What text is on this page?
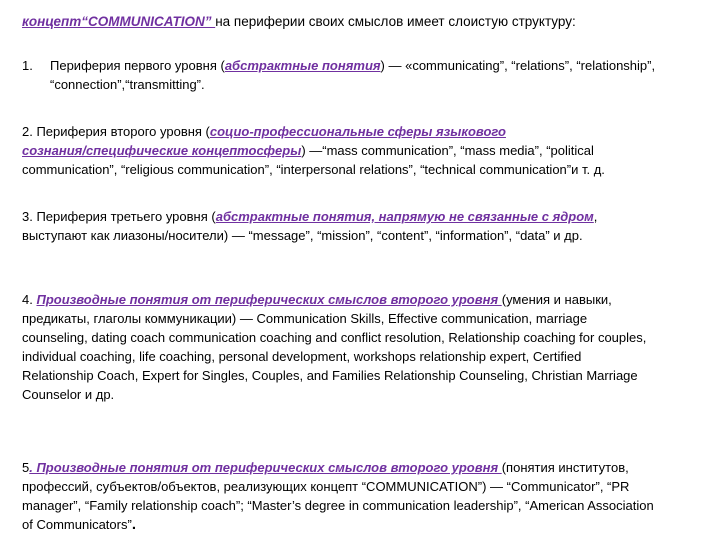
концепт“COMMUNICATION” на периферии своих смыслов имеет слоистую структуру:
1. Периферия первого уровня (абстрактные понятия) — «communicating”, “relations”, “relationship”,
“connection”,“transmitting”.
2. Периферия второго уровня (социо-профессиональные сферы языкового
сознания/специфические концептосферы) —“mass communication”, “mass media”, “political
communication”, “religious communication”, “interpersonal relations”, “technical communication”и т. д.
3. Периферия третьего уровня (абстрактные понятия, напрямую не связанные с ядром,
выступают как лиазоны/носители) — “message”, “mission”, “content”, “information”, “data” и др.
4. Производные понятия от периферических смыслов второго уровня (умения и навыки,
предикаты, глаголы коммуникации) — Communication Skills, Effective communication, marriage
counseling, dating coach communication coaching and conflict resolution, Relationship coaching for couples,
individual coaching, life coaching, personal development, workshops relationship expert, Certified
Relationship Coach, Expert for Singles, Couples, and Families Relationship Counseling, Christian Marriage
Counselor и др.
5. Производные понятия от периферических смыслов второго уровня (понятия институтов,
профессий, субъектов/объектов, реализующих концепт “COMMUNICATION”) — “Communicator”, “PR
manager”, “Family relationship coach”; “Master’s degree in communication leadership”, “American Association
of Communicators”.
